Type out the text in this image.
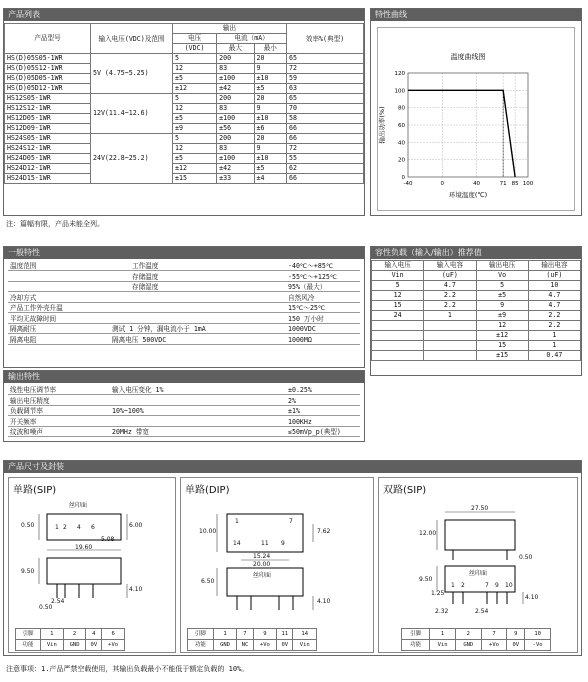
产品列表
产品型号	输入电压(VDC)及范围	输出			效率%(典型)
		电压	电流（mA）		
		(VDC)	最大	最小	
HS(D)05S05-1WR	5V (4.75~5.25)	5	200	20	65
HS(D)05S12-1WR		12	83	9	72
HS(D)05D05-1WR		±5	±100	±10	59
HS(D)05D12-1WR		±12	±42	±5	63
HS12S05-1WR	12V(11.4~12.6)	5	200	20	65
HS12S12-1WR		12	83	9	70
HS12D05-1WR		±5	±100	±10	58
HS12D09-1WR		±9	±56	±6	66
HS24S05-1WR	24V(22.8~25.2)	5	200	20	66
HS24S12-1WR		12	83	9	72
HS24D05-1WR		±5	±100	±10	55
HS24D12-1WR		±12	±42	±5	62
HS24D15-1WR		±15	±33	±4	66
注：篇幅有限，产品未能全列。
特性曲线
温度曲线图
0
20
40
60
80
100
120
-40	0	40	71 85 100
环境温度(℃)
输出功率(%)
一般特性
温度范围	工作温度	-40℃～+85℃
存储温度	-55℃～+125℃
存储湿度	95%（最大）
冷却方式	自然风冷
产品工作外壳升温	15℃～25℃
平均无故障时间	150 万小时
隔离耐压	测试 1 分钟，漏电流小于 1mA	1000VDC
隔离电阻	隔离电压 500VDC	1000MΩ
输出特性
线性电压调节率	输入电压变化 1%	±0.25%
输出电压精度	2%
负载调节率	10%~100%	±1%
开关频率	100KHz
纹波和噪声	20MHz 带宽	≤50mVp_p(典型)
容性负载（输入/输出）推荐值
输入电压	输入电容	输出电压	输出电容
Vin	(uF)	Vo	(uF)
5	4.7	5	10
12	2.2	±5	4.7
15	2.2	9	4.7
24	1	±9	2.2
		12	2.2
		±12	1
		15	1
		±15	0.47
产品尺寸及封装
单路(SIP)
丝印面
0.50	6.00
19.60
2.54
5.08
9.50
4.10
0.50
1 2 4 6
引脚	1	2	4	6
功能	Vin	GND	0V	+Vo
单路(DIP)
丝印面
10.00	7.62
15.24
20.00
6.50
4.10
1	7
14	11 9
引脚	1	7	9	11	14
功能	GND	NC	+Vo	0V	Vin
双路(SIP)
丝印面
27.50
12.00
9.50
1.25
4.10
2.32	2.54
0.50
1 2	7 9 10
引脚	1	2	7	9	10
功能	Vin	GND	+Vo	0V	-Vo
注意事项：1.产品严禁空载使用，其输出负载最小不能低于额定负载的 10%。
